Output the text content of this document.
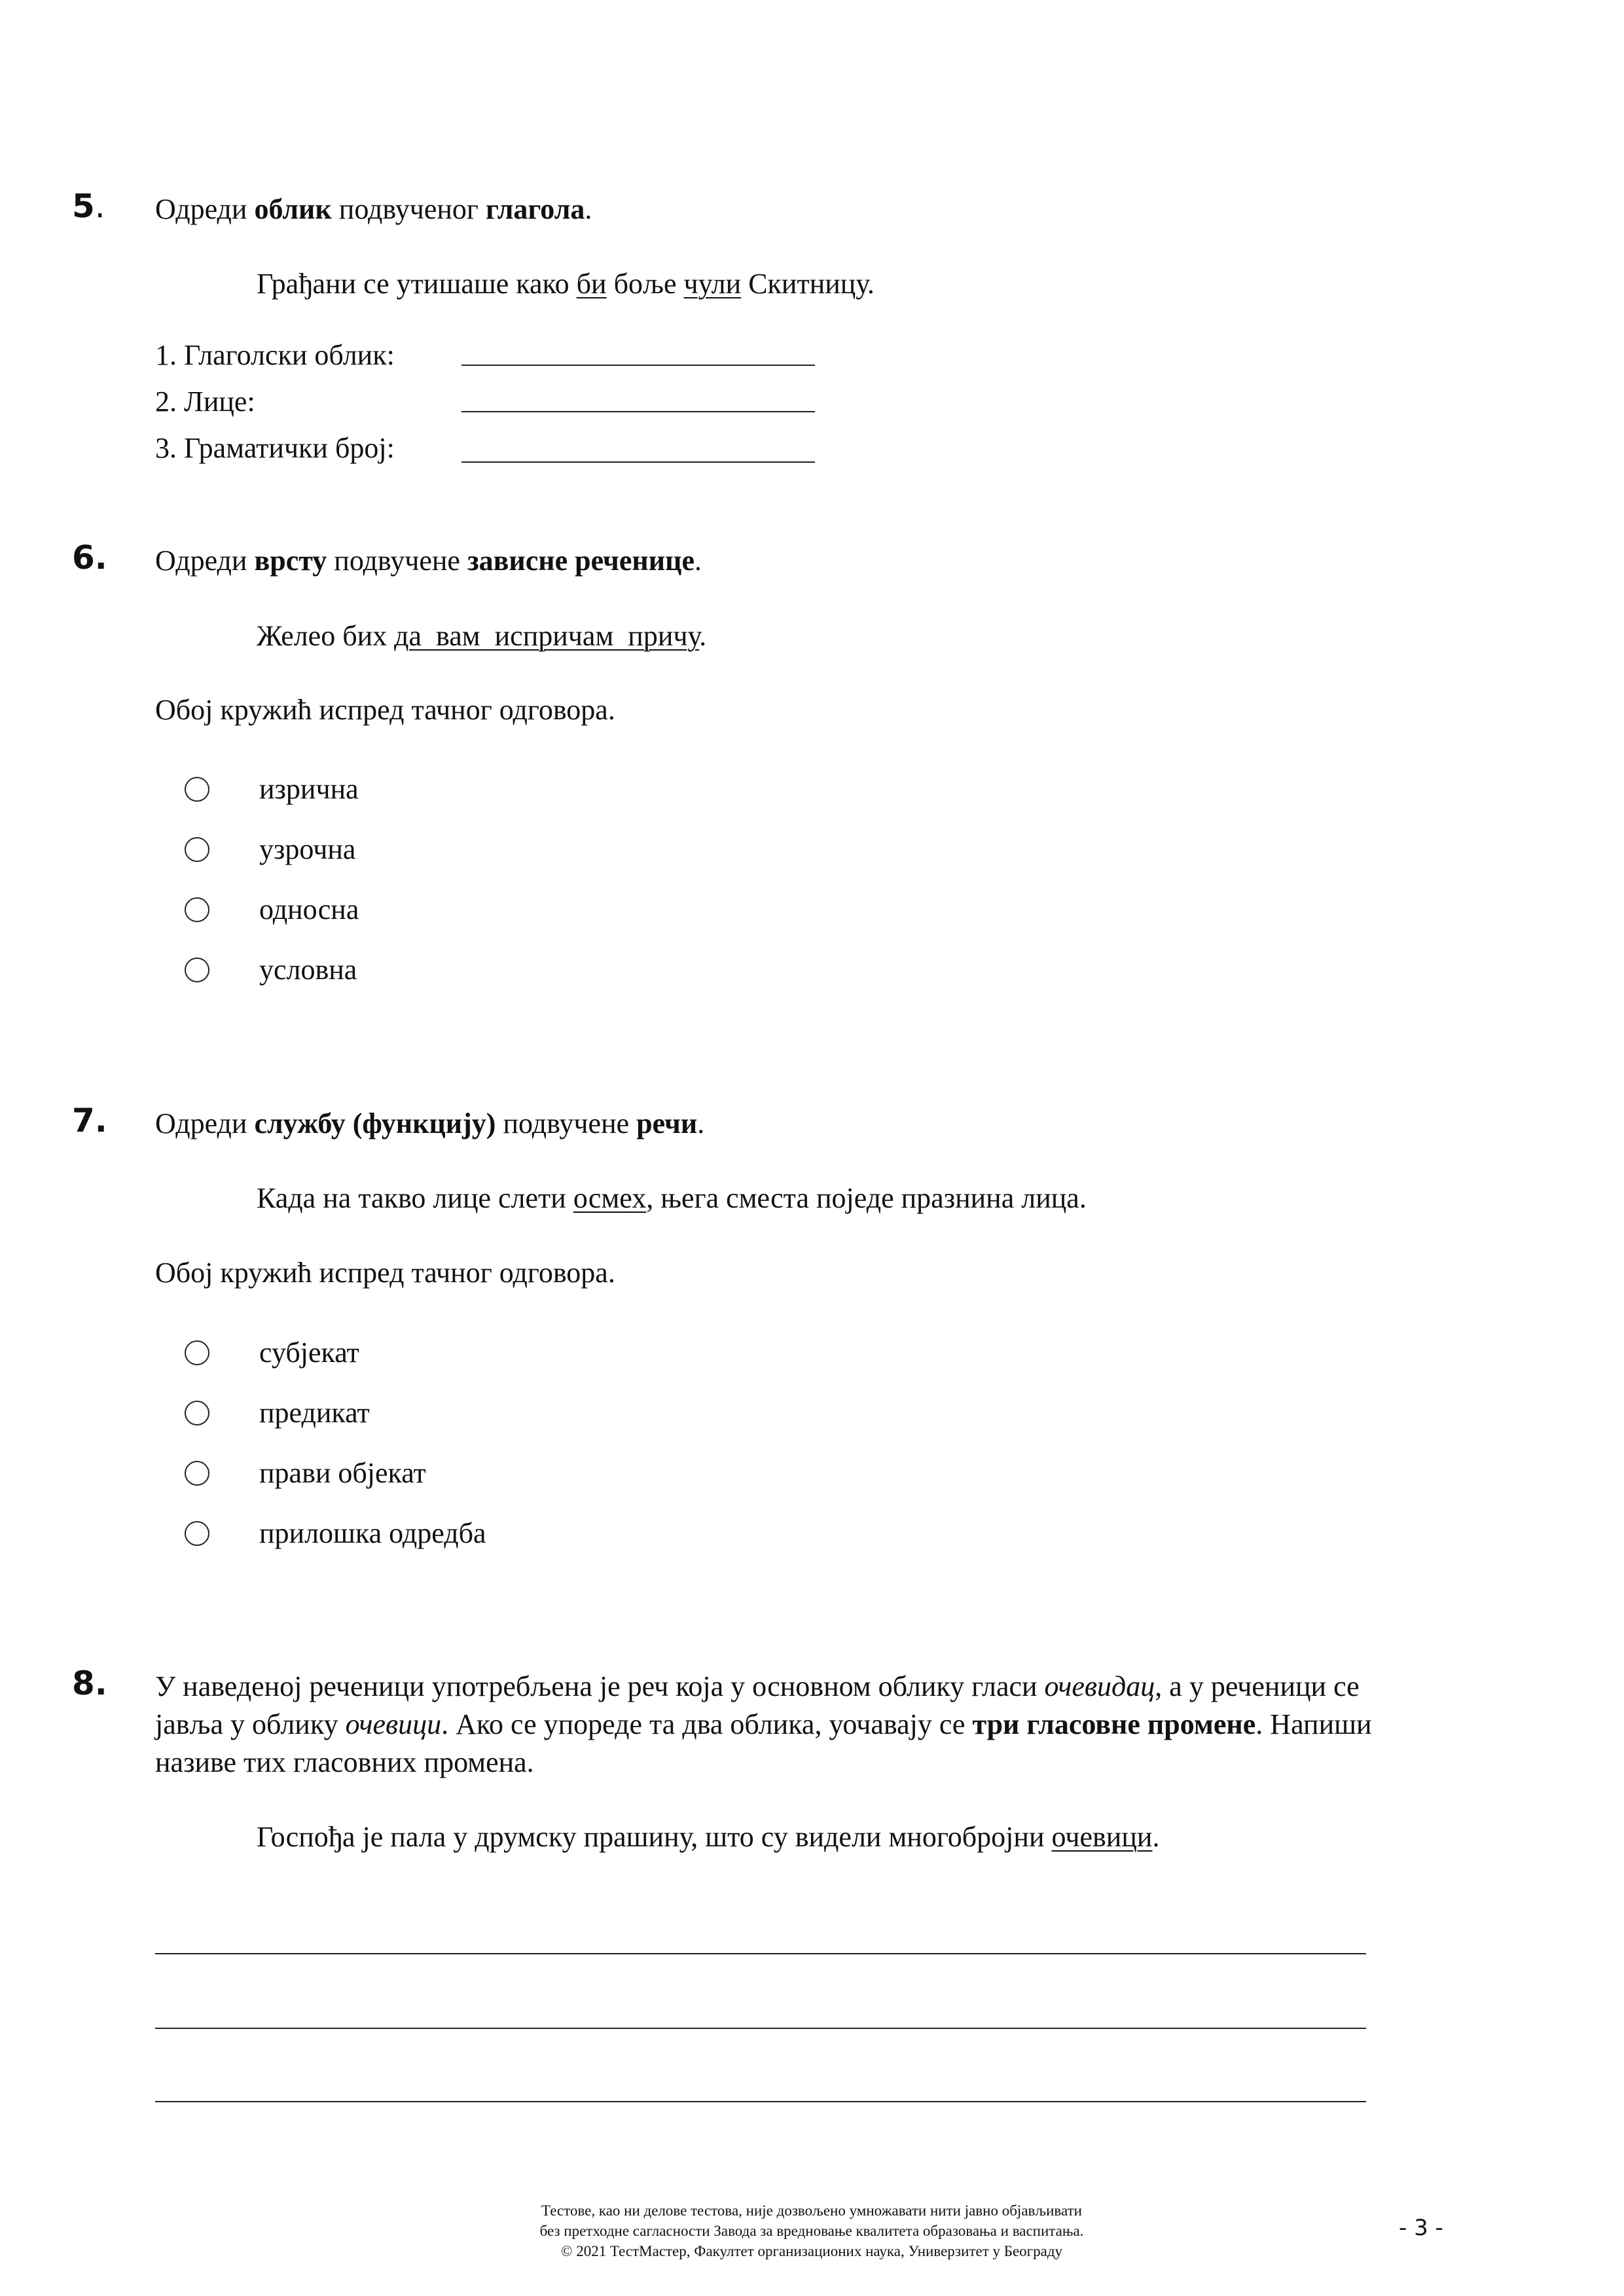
5. Одреди облик подвученог глагола.
Грађани се утишаше како би боље чули Скитницу.
1. Глаголски облик:
2. Лице:
3. Граматички број:
6. Одреди врсту подвучене зависне реченице.
Желео бих да  вам  испричам  причу.
Обој кружић испред тачног одговора.
изрична
узрочна
односна
условна
7. Одреди службу (функцију) подвучене речи.
Када на такво лице слети осмех, њега сместа поједе празнина лица.
Обој кружић испред тачног одговора.
субјекат
предикат
прави објекат
прилошка одредба
8. У наведеној реченици употребљена је реч која у основном облику гласи очевидац, а у реченици се
јавља у облику очевици. Ако се упореде та два облика, уочавају се три гласовне промене. Напиши
називе тих гласовних промена.
Госпођа је пала у друмску прашину, што су видели многобројни очевици.
Тестове, као ни делове тестова, није дозвољено умножавати нити јавно објављивати
без претходне сагласности Завода за вредновање квалитета образовања и васпитања.
© 2021 ТестМастер, Факултет организационих наука, Универзитет у Београду
- 3 -
